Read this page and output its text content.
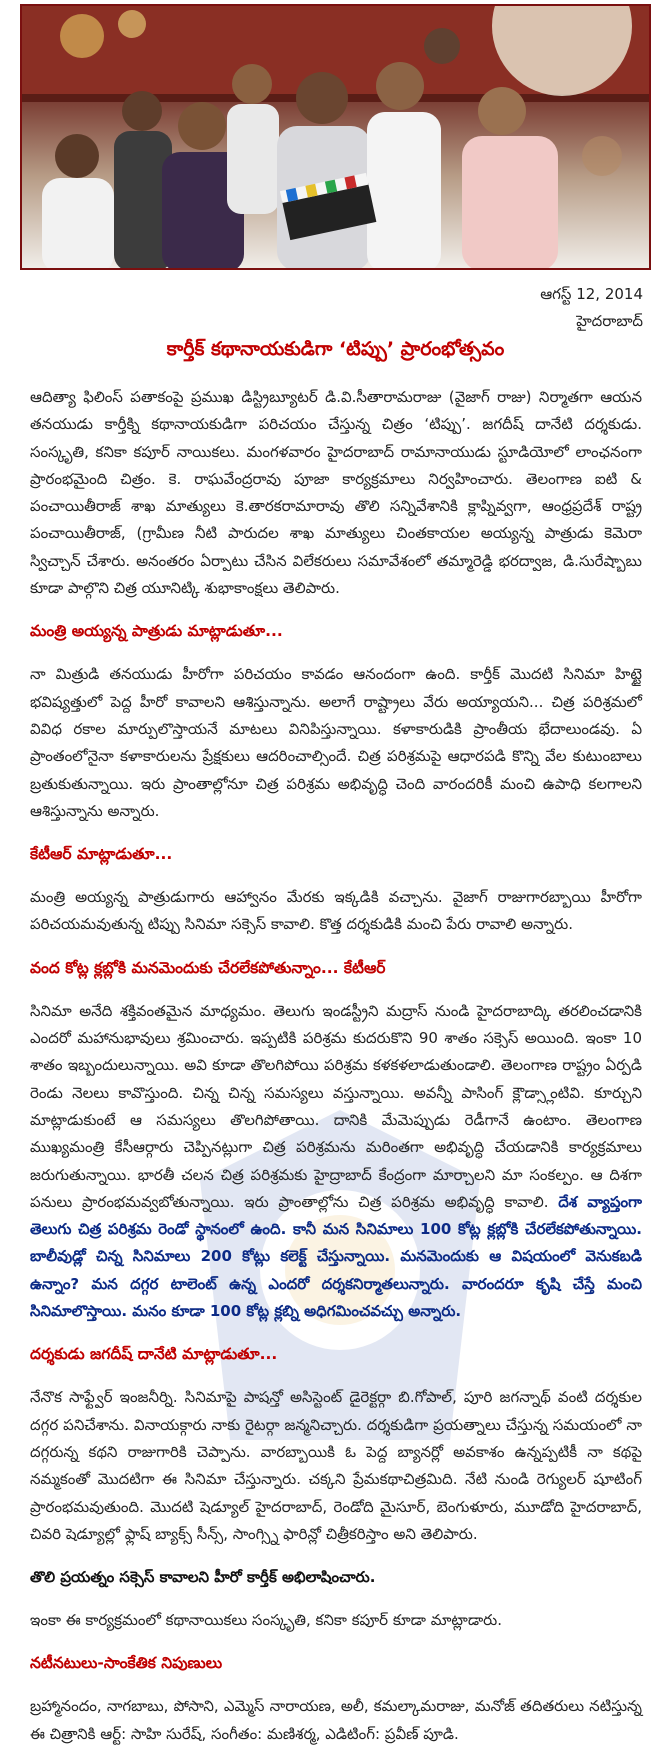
ఆగస్ట్ 12, 2014
హైదరాబాద్
కార్తీక్ కథానాయకుడిగా ‘టిప్పు’ ప్రారంభోత్సవం

ఆదిత్యా ఫిలింస్ పతాకంపై ప్రముఖ డిస్ట్రిబ్యూటర్ డి.వి.సీతారామరాజు (వైజాగ్ రాజు) నిర్మాతగా ఆయన తనయుడు కార్తీక్ని కథానాయకుడిగా పరిచయం చేస్తున్న చిత్రం ‘టిప్పు’. జగదీష్ దానేటి దర్శకుడు. సంస్కృతి, కనికా కపూర్ నాయికలు. మంగళవారం హైదరాబాద్ రామానాయుడు స్టూడియోలో లాంఛనంగా ప్రారంభమైంది చిత్రం. కె. రాఘవేంద్రరావు పూజా కార్యక్రమాలు నిర్వహించారు. తెలంగాణ ఐటి & పంచాయితీరాజ్ శాఖ మాత్యులు కె.తారకరామారావు తొలి సన్నివేశానికి క్లాప్నివ్వగా, ఆంధ్రప్రదేశ్ రాష్ట్ర పంచాయితీరాజ్, (గ్రామీణ నీటి పారుదల శాఖ మాత్యులు చింతకాయల అయ్యన్న పాత్రుడు కెమెరా స్విచ్చాన్ చేశారు. అనంతరం ఏర్పాటు చేసిన విలేకరులు సమావేశంలో తమ్మారెడ్డి భరద్వాజ, డి.సురేష్బాబు కూడా పాల్గొని చిత్ర యూనిట్కి శుభాకాంక్షలు తెలిపారు.

మంత్రి అయ్యన్న పాత్రుడు మాట్లాడుతూ...

నా మిత్రుడి తనయుడు హీరోగా పరిచయం కావడం ఆనందంగా ఉంది. కార్తీక్ మొదటి సినిమా హిట్టై భవిష్యత్తులో పెద్ద హీరో కావాలని ఆశిస్తున్నాను. అలాగే రాష్ట్రాలు వేరు అయ్యాయని... చిత్ర పరిశ్రమలో వివిధ రకాల మార్పులొస్తాయనే మాటలు వినిపిస్తున్నాయి. కళాకారుడికి ప్రాంతీయ భేదాలుండవు. ఏ ప్రాంతంలోనైనా కళాకారులను ప్రేక్షకులు ఆదరించాల్సిందే. చిత్ర పరిశ్రమపై ఆధారపడి కొన్ని వేల కుటుంబాలు బ్రతుకుతున్నాయి. ఇరు ప్రాంతాల్లోనూ చిత్ర పరిశ్రమ అభివృద్ధి చెంది వారందరికీ మంచి ఉపాధి కలగాలని ఆశిస్తున్నాను అన్నారు.

కేటీఆర్ మాట్లాడుతూ...

మంత్రి అయ్యన్న పాత్రుడుగారు ఆహ్వానం మేరకు ఇక్కడికి వచ్చాను. వైజాగ్ రాజుగారబ్బాయి హీరోగా పరిచయమవుతున్న టిప్పు సినిమా సక్సెస్ కావాలి. కొత్త దర్శకుడికి మంచి పేరు రావాలి అన్నారు.

వంద కోట్ల క్లబ్లోకి మనమెందుకు చేరలేకపోతున్నాం... కేటీఆర్

సినిమా అనేది శక్తివంతమైన మాధ్యమం. తెలుగు ఇండస్ట్రీని మద్రాస్ నుండి హైదరాబాద్కి తరలించడానికి ఎందరో మహానుభావులు శ్రమించారు. ఇప్పటికి పరిశ్రమ కుదరుకొని 90 శాతం సక్సెస్ అయింది. ఇంకా 10 శాతం ఇబ్బందులున్నాయి. అవి కూడా తొలగిపోయి పరిశ్రమ కళకళలాడుతుండాలి. తెలంగాణ రాష్ట్రం ఏర్పడి రెండు నెలలు కావొస్తుంది. చిన్న చిన్న సమస్యలు వస్తున్నాయి. అవన్నీ పాసింగ్ క్లౌడ్స్లాంటివి. కూర్చుని మాట్లాడుకుంటే ఆ సమస్యలు తొలగిపోతాయి. దానికి మేమెప్పుడు రెడీగానే ఉంటాం. తెలంగాణ ముఖ్యమంత్రి కేసీఆర్గారు చెప్పినట్లుగా చిత్ర పరిశ్రమను మరింతగా అభివృద్ధి చేయడానికి కార్యక్రమాలు జరుగుతున్నాయి. భారతీ చలన చిత్ర పరిశ్రమకు హైద్రాబాద్ కేంద్రంగా మార్చాలని మా సంకల్పం. ఆ దిశగా పనులు ప్రారంభమవ్వబోతున్నాయి. ఇరు ప్రాంతాల్లోను చిత్ర పరిశ్రమ అభివృద్ధి కావాలి. దేశ వ్యాప్తంగా తెలుగు చిత్ర పరిశ్రమ రెండో స్థానంలో ఉంది. కానీ మన సినిమాలు 100 కోట్ల క్లబ్లోకి చేరలేకపోతున్నాయి. బాలీవుడ్లో చిన్న సినిమాలు 200 కోట్లు కలెక్ట్ చేస్తున్నాయి. మనమెందుకు ఆ విషయంలో వెనుకబడి ఉన్నాం? మన దగ్గర టాలెంట్ ఉన్న ఎందరో దర్శకనిర్మాతలున్నారు. వారందరూ కృషి చేస్తే మంచి సినిమాలొస్తాయి. మనం కూడా 100 కోట్ల క్లబ్ని అధిగమించవచ్చు అన్నారు.

దర్శకుడు జగదీష్ దానేటి మాట్లాడుతూ...

నేనొక సాఫ్ట్వేర్ ఇంజనీర్ని. సినిమాపై పాషన్తో అసిస్టెంట్ డైరెక్టర్గా బి.గోపాల్, పూరి జగన్నాథ్ వంటి దర్శకుల దగ్గర పనిచేశాను. వినాయక్గారు నాకు రైటర్గా జన్మనిచ్చారు. దర్శకుడిగా ప్రయత్నాలు చేస్తున్న సమయంలో నా దగ్గరున్న కథని రాజుగారికి చెప్పాను. వారబ్బాయికి ఓ పెద్ద బ్యానర్లో అవకాశం ఉన్నప్పటికీ నా కథపై నమ్మకంతో మొదటిగా ఈ సినిమా చేస్తున్నారు. చక్కని ప్రేమకథాచిత్రమిది. నేటి నుండి రెగ్యులర్ షూటింగ్ ప్రారంభమవుతుంది. మొదటి షెడ్యూల్ హైదరాబాద్, రెండోది మైసూర్, బెంగుళూరు, మూడోది హైదరాబాద్, చివరి షెడ్యూల్లో ఫ్లాష్ బ్యాక్స్ సీన్స్, సాంగ్స్ని ఫారిన్లో చిత్రీకరిస్తాం అని తెలిపారు.

తొలి ప్రయత్నం సక్సెస్ కావాలని హీరో కార్తీక్ అభిలాషించారు.

ఇంకా ఈ కార్యక్రమంలో కథానాయికలు సంస్కృతి, కనికా కపూర్ కూడా మాట్లాడారు.

నటీనటులు-సాంకేతిక నిపుణులు

బ్రహ్మానందం, నాగబాబు, పోసాని, ఎమ్మెస్ నారాయణ, అలీ, కమల్కామరాజు, మనోజ్ తదితరులు నటిస్తున్న ఈ చిత్రానికి ఆర్ట్: సాహి సురేష్, సంగీతం: మణిశర్మ, ఎడిటింగ్: ప్రవీణ్ పూడి.
